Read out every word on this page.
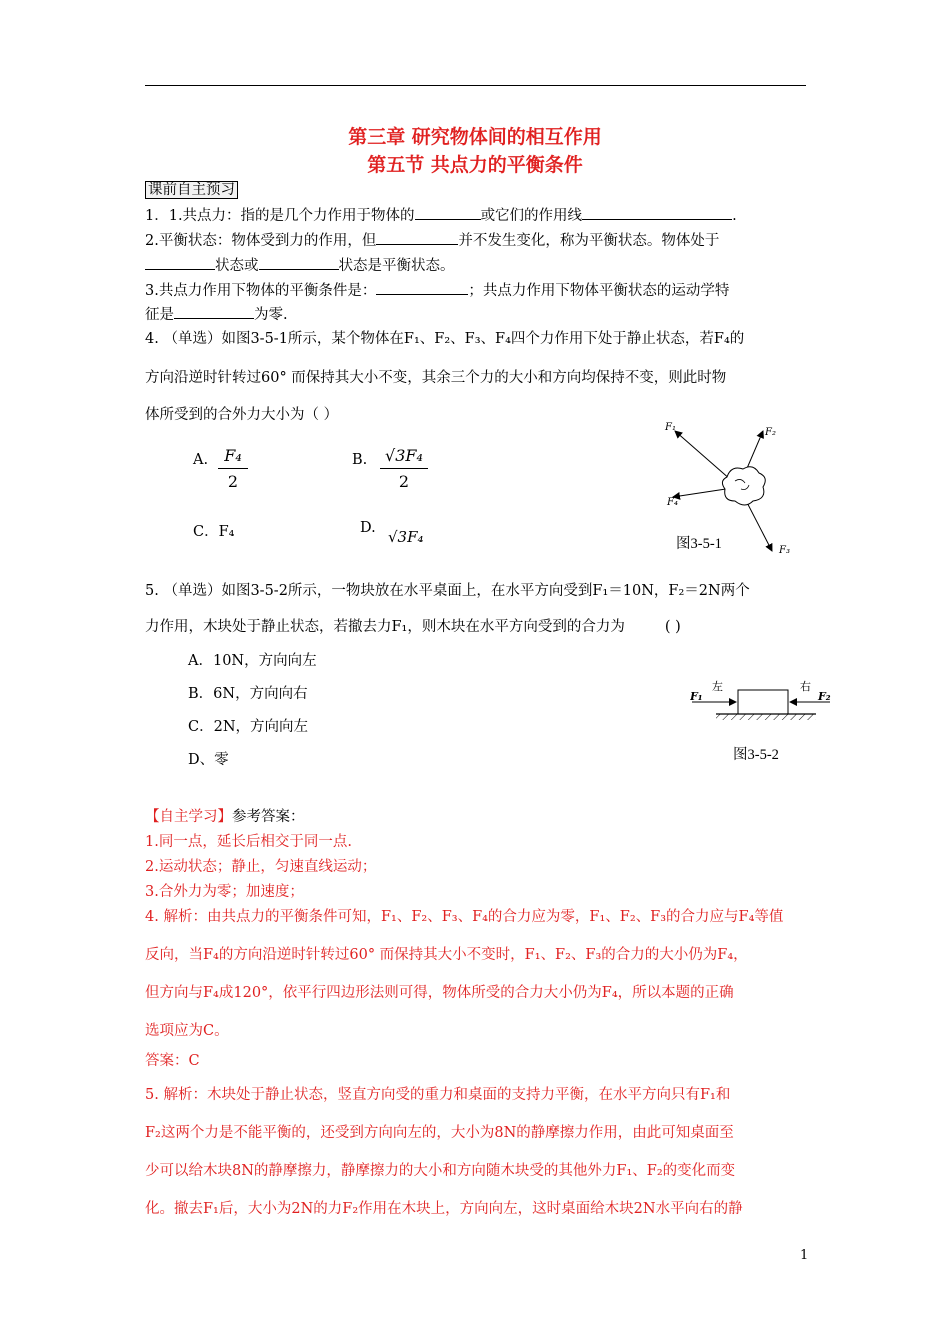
第三章 研究物体间的相互作用
第五节 共点力的平衡条件
课前自主预习
1．1.共点力：指的是几个力作用于物体的	或它们的作用线	.
2.平衡状态：物体受到力的作用，但	并不发生变化，称为平衡状态。物体处于
状态或	状态是平衡状态。
3.共点力作用下物体的平衡条件是：	；共点力作用下物体平衡状态的运动学特
征是	为零.
4. （单选）如图3-5-1所示，某个物体在F₁、F₂、F₃、F₄四个力作用下处于静止状态，若F₄的
方向沿逆时针转过60° 而保持其大小不变，其余三个力的大小和方向均保持不变，则此时物
体所受到的合外力大小为（ ）
A.	F₄
2
B.	√3F₄
2
C．F₄	D. √3F₄
F₁	F₂
F₃
F₄
图3-5-1
5. （单选）如图3-5-2所示，一物块放在水平桌面上，在水平方向受到F₁＝10N，F₂＝2N两个
力作用，木块处于静止状态，若撤去力F₁，则木块在水平方向受到的合力为	( )
A．10N，方向向左
B．6N，方向向右
C．2N，方向向左
D、零
左	右
F₁	F₂
图3-5-2
【自主学习】参考答案：
1.同一点，延长后相交于同一点.
2.运动状态；静止，匀速直线运动；
3.合外力为零；加速度；
4. 解析：由共点力的平衡条件可知，F₁、F₂、F₃、F₄的合力应为零，F₁、F₂、F₃的合力应与F₄等值
反向，当F₄的方向沿逆时针转过60° 而保持其大小不变时，F₁、F₂、F₃的合力的大小仍为F₄，
但方向与F₄成120°，依平行四边形法则可得，物体所受的合力大小仍为F₄，所以本题的正确
选项应为C。
答案：C
5. 解析：木块处于静止状态，竖直方向受的重力和桌面的支持力平衡，在水平方向只有F₁和
F₂这两个力是不能平衡的，还受到方向向左的，大小为8N的静摩擦力作用，由此可知桌面至
少可以给木块8N的静摩擦力，静摩擦力的大小和方向随木块受的其他外力F₁、F₂的变化而变
化。撤去F₁后，大小为2N的力F₂作用在木块上，方向向左，这时桌面给木块2N水平向右的静
1
